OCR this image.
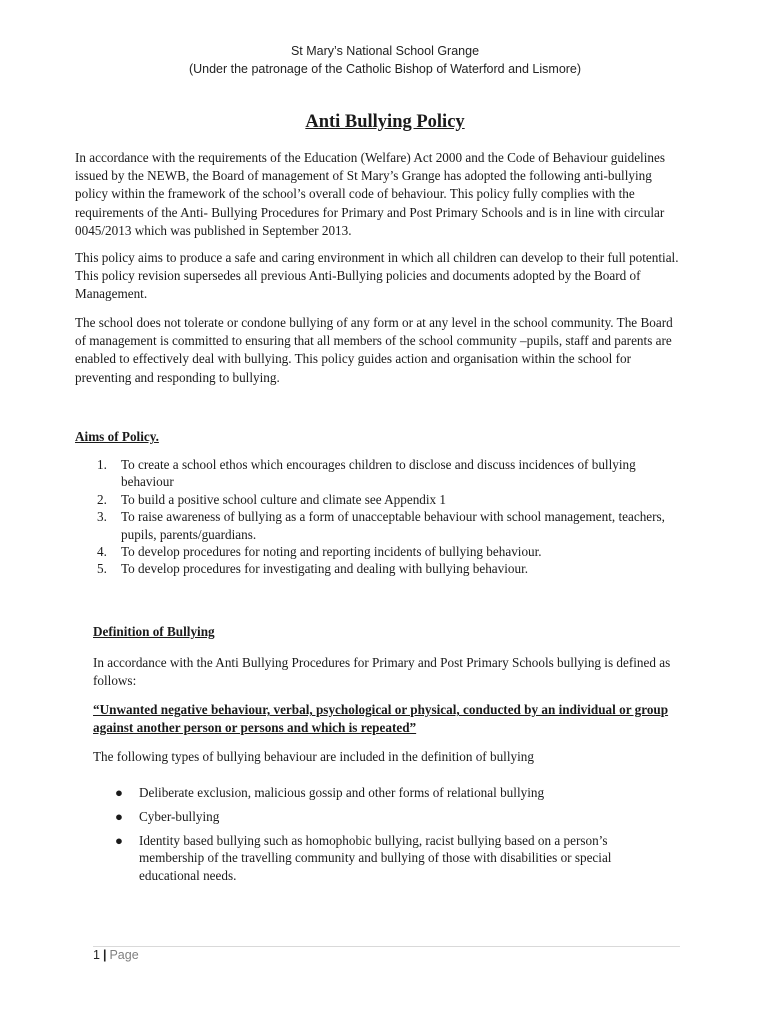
St Mary’s National School Grange
(Under the patronage of the Catholic Bishop of Waterford and Lismore)
Anti Bullying Policy
In accordance with the requirements of the Education (Welfare) Act 2000 and the Code of Behaviour guidelines issued by the NEWB, the Board of management of St Mary’s Grange has adopted the following anti-bullying policy within the framework of the school’s overall code of behaviour. This policy fully complies with the requirements of the Anti- Bullying Procedures for Primary and Post Primary Schools and is in line with circular 0045/2013 which was published in September 2013.
This policy aims to produce a safe and caring environment in which all children can develop to their full potential. This policy revision supersedes all previous Anti-Bullying policies and documents adopted by the Board of Management.
The school does not tolerate or condone bullying of any form or at any level in the school community. The Board of management is committed to ensuring that all members of the school community –pupils, staff and parents are enabled to effectively deal with bullying. This policy guides action and organisation within the school for preventing and responding to bullying.
Aims of Policy.
1. To create a school ethos which encourages children to disclose and discuss incidences of bullying behaviour
2. To build a positive school culture and climate see Appendix 1
3. To raise awareness of bullying as a form of unacceptable behaviour with school management, teachers, pupils, parents/guardians.
4. To develop procedures for noting and reporting incidents of bullying behaviour.
5. To develop procedures for investigating and dealing with bullying behaviour.
Definition of Bullying
In accordance with the Anti Bullying Procedures for Primary and Post Primary Schools bullying is defined as follows:
“Unwanted negative behaviour, verbal, psychological or physical, conducted by an individual or group against another person or persons and which is repeated”
The following types of bullying behaviour are included in the definition of bullying
● Deliberate exclusion, malicious gossip and other forms of relational bullying
● Cyber-bullying
● Identity based bullying such as homophobic bullying, racist bullying based on a person’s membership of the travelling community and bullying of those with disabilities or special educational needs.
1 | Page
